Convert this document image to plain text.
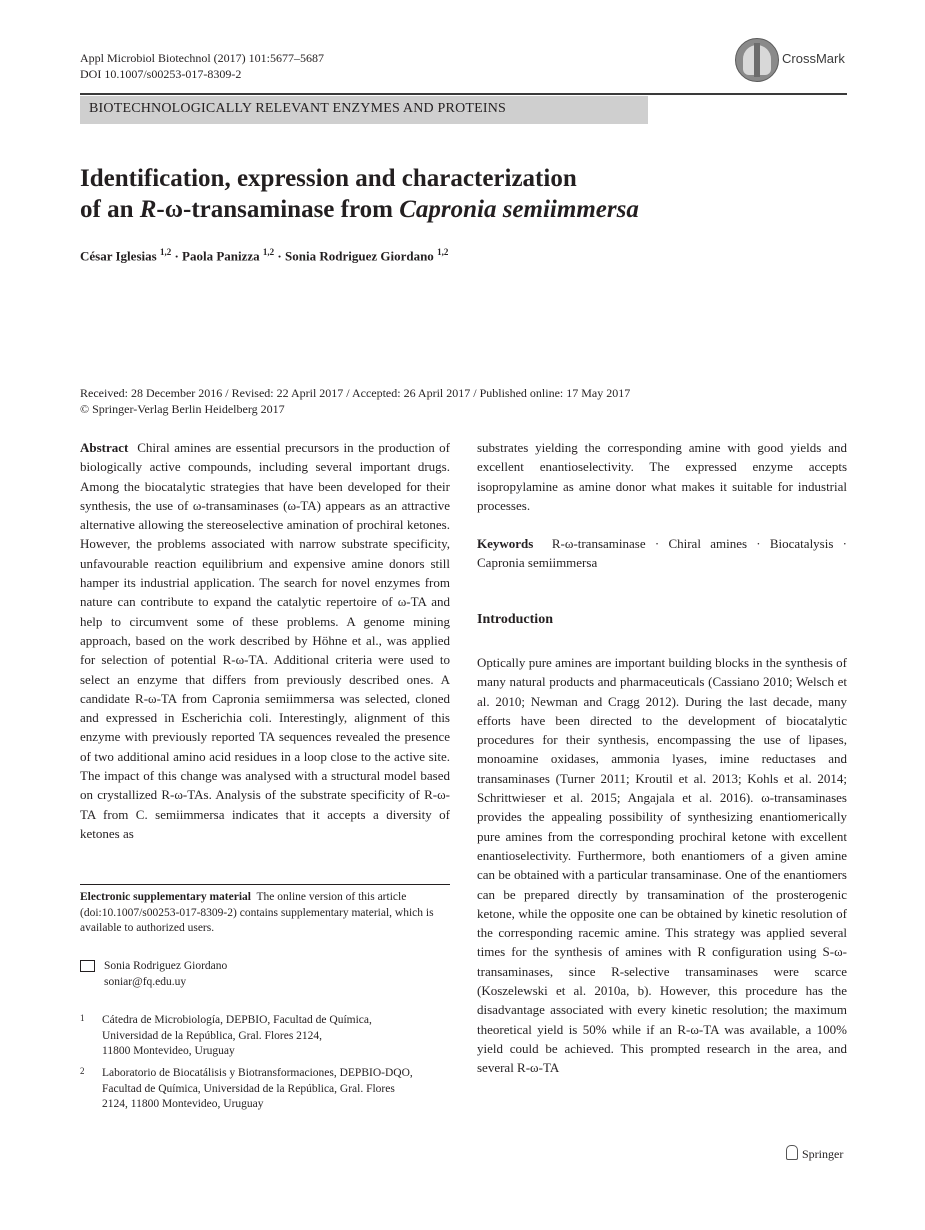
Appl Microbiol Biotechnol (2017) 101:5677–5687
DOI 10.1007/s00253-017-8309-2
CrossMark
BIOTECHNOLOGICALLY RELEVANT ENZYMES AND PROTEINS
Identification, expression and characterization
of an R-ω-transaminase from Capronia semiimmersa
César Iglesias $^{1,2}$ · Paola Panizza $^{1,2}$ · Sonia Rodriguez Giordano $^{1,2}$
Received: 28 December 2016 / Revised: 22 April 2017 / Accepted: 26 April 2017 / Published online: 17 May 2017
© Springer-Verlag Berlin Heidelberg 2017
Abstract Chiral amines are essential precursors in the production of biologically active compounds, including several important drugs. Among the biocatalytic strategies that have been developed for their synthesis, the use of ω-transaminases (ω-TA) appears as an attractive alternative allowing the stereoselective amination of prochiral ketones. However, the problems associated with narrow substrate specificity, unfavourable reaction equilibrium and expensive amine donors still hamper its industrial application. The search for novel enzymes from nature can contribute to expand the catalytic repertoire of ω-TA and help to circumvent some of these problems. A genome mining approach, based on the work described by Höhne et al., was applied for selection of potential R-ω-TA. Additional criteria were used to select an enzyme that differs from previously described ones. A candidate R-ω-TA from Capronia semiimmersa was selected, cloned and expressed in Escherichia coli. Interestingly, alignment of this enzyme with previously reported TA sequences revealed the presence of two additional amino acid residues in a loop close to the active site. The impact of this change was analysed with a structural model based on crystallized R-ω-TAs. Analysis of the substrate specificity of R-ω-TA from C. semiimmersa indicates that it accepts a diversity of ketones as
substrates yielding the corresponding amine with good yields and excellent enantioselectivity. The expressed enzyme accepts isopropylamine as amine donor what makes it suitable for industrial processes.
Keywords R-ω-transaminase · Chiral amines · Biocatalysis · Capronia semiimmersa
Introduction
Optically pure amines are important building blocks in the synthesis of many natural products and pharmaceuticals (Cassiano 2010; Welsch et al. 2010; Newman and Cragg 2012). During the last decade, many efforts have been directed to the development of biocatalytic procedures for their synthesis, encompassing the use of lipases, monoamine oxidases, ammonia lyases, imine reductases and transaminases (Turner 2011; Kroutil et al. 2013; Kohls et al. 2014; Schrittwieser et al. 2015; Angajala et al. 2016). ω-transaminases provides the appealing possibility of synthesizing enantiomerically pure amines from the corresponding prochiral ketone with excellent enantioselectivity. Furthermore, both enantiomers of a given amine can be obtained with a particular transaminase. One of the enantiomers can be prepared directly by transamination of the prosterogenic ketone, while the opposite one can be obtained by kinetic resolution of the corresponding racemic amine. This strategy was applied several times for the synthesis of amines with R configuration using S-ω-transaminases, since R-selective transaminases were scarce (Koszelewski et al. 2010a, b). However, this procedure has the disadvantage associated with every kinetic resolution; the maximum theoretical yield is 50% while if an R-ω-TA was available, a 100% yield could be achieved. This prompted research in the area, and several R-ω-TA
Electronic supplementary material The online version of this article (doi:10.1007/s00253-017-8309-2) contains supplementary material, which is available to authorized users.
Sonia Rodriguez Giordano
soniar@fq.edu.uy
1 Cátedra de Microbiología, DEPBIO, Facultad de Química,
Universidad de la República, Gral. Flores 2124,
11800 Montevideo, Uruguay
2 Laboratorio de Biocatálisis y Biotransformaciones, DEPBIO-DQO,
Facultad de Química, Universidad de la República, Gral. Flores
2124, 11800 Montevideo, Uruguay
Springer
